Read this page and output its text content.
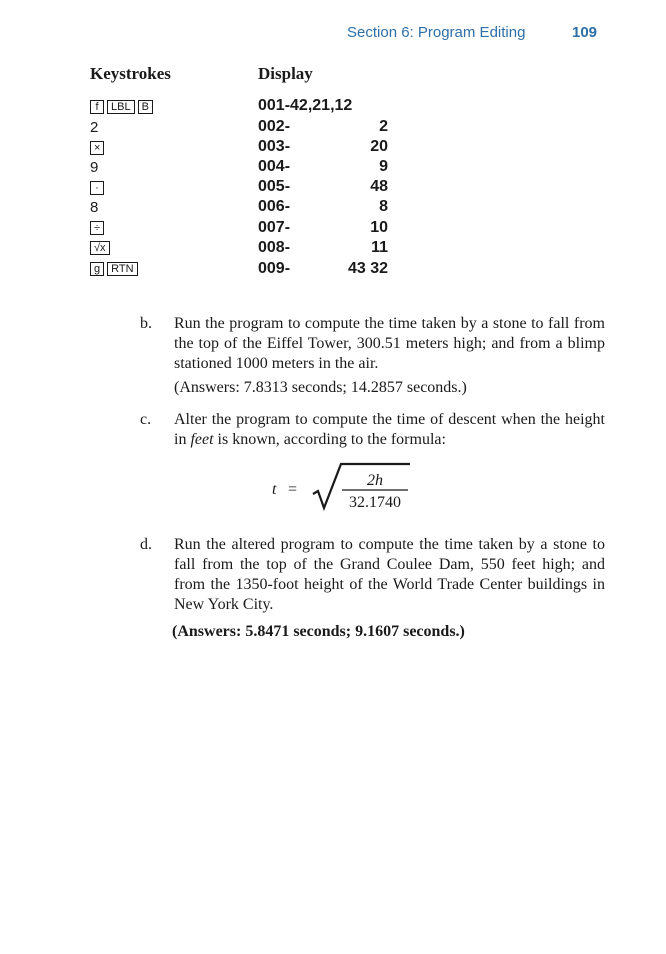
Section 6: Program Editing	109
Keystrokes	Display
f	LBL	B	001-42,21,12
2	002-	2
×	003-	20
9	004-	9
·	005-	48
8	006-	8
÷	007-	10
√x	008-	11
g	RTN	009-	43 32
b. Run the program to compute the time taken by a stone to fall from the top of the Eiffel Tower, 300.51 meters high; and from a blimp stationed 1000 meters in the air.
(Answers: 7.8313 seconds; 14.2857 seconds.)
c. Alter the program to compute the time of descent when the height in feet is known, according to the formula:
t =
2h
32.1740
d. Run the altered program to compute the time taken by a stone to fall from the top of the Grand Coulee Dam, 550 feet high; and from the 1350-foot height of the World Trade Center buildings in New York City.
(Answers: 5.8471 seconds; 9.1607 seconds.)
